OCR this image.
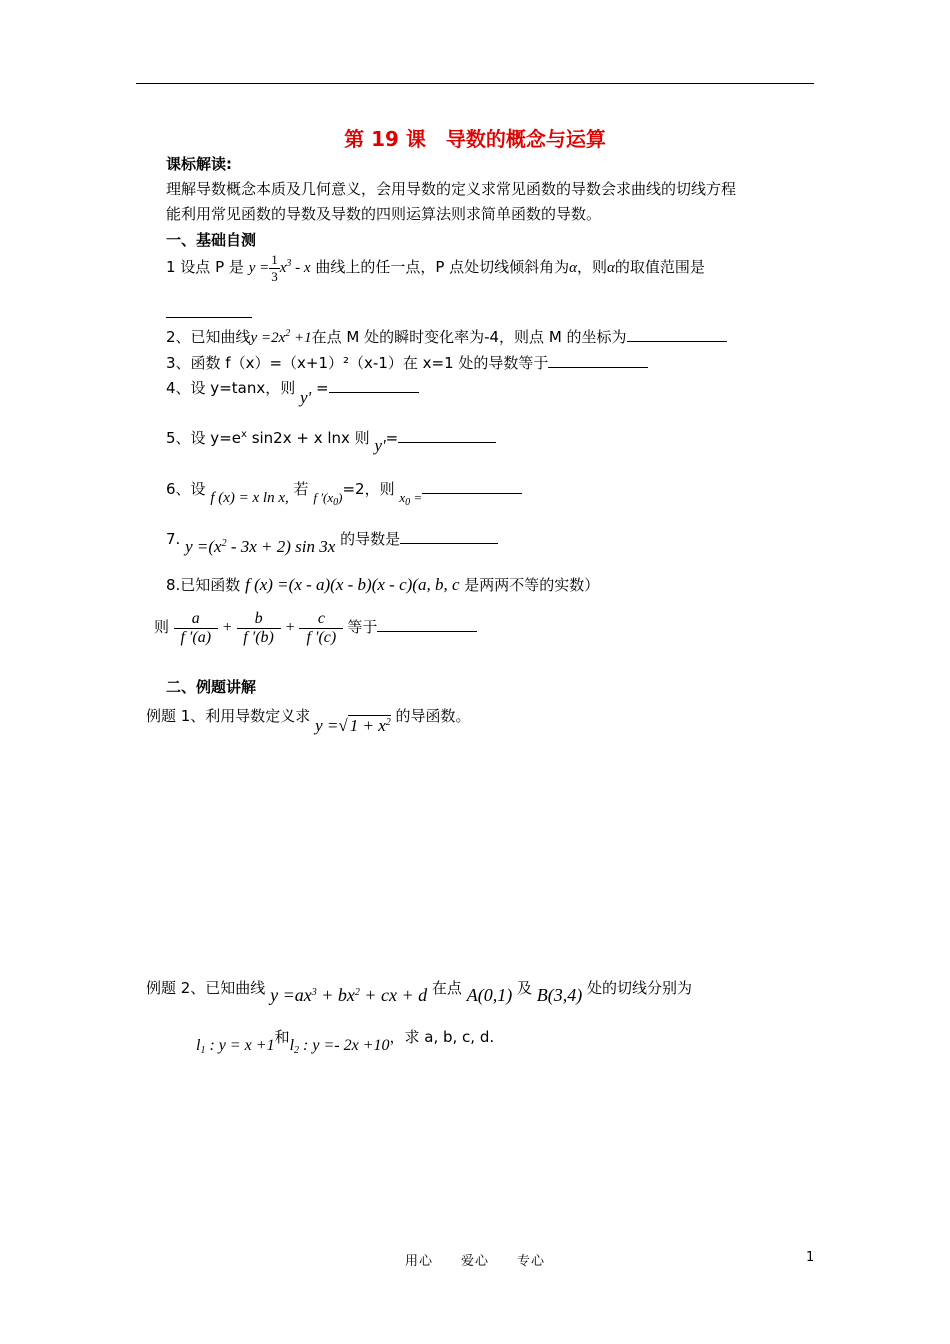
第 19 课　导数的概念与运算
课标解读:
理解导数概念本质及几何意义，会用导数的定义求常见函数的导数会求曲线的切线方程
能利用常见函数的导数及导数的四则运算法则求简单函数的导数。
一、基础自测
1 设点 P 是 $y = \frac{1}{3} x^3 - x$ 曲线上的任一点，P 点处切线倾斜角为α，则α的取值范围是
2、已知曲线$y =2x^2 +1$在点 M 处的瞬时变化率为-4，则点 M 的坐标为
3、函数 f（x）=（x+1）²（x-1）在 x=1 处的导数等于
4、设 y=tanx，则 y' =
5、设 $y=e^x$ sin2x + x lnx 则 y'=
6、设 f (x) = x ln x, 若 f $'(x_0)=2$，则 $x_0$ =
7. $y =(x^2 - 3x + 2)$ sin 3x 的导数是
8.已知函数 f (x) =(x - a)(x - b)(x - c)(a, b, c 是两两不等的实数）
则 $\frac{a}{f '(a)} + \frac{b}{f '(b)} + \frac{c}{f '(c)}$ 等于
二、例题讲解
例题 1、利用导数定义求 y =√ $1 + x^2$ 的导函数。
例题 2、已知曲线 $y =ax^3 + bx^2$ + cx + d 在点 A(0,1) 及 B(3,4) 处的切线分别为
$l_1$ : y = x +1和$l_2$ : y =- 2x +10，求 a, b, c, d.
用心　　爱心　　专心	1
